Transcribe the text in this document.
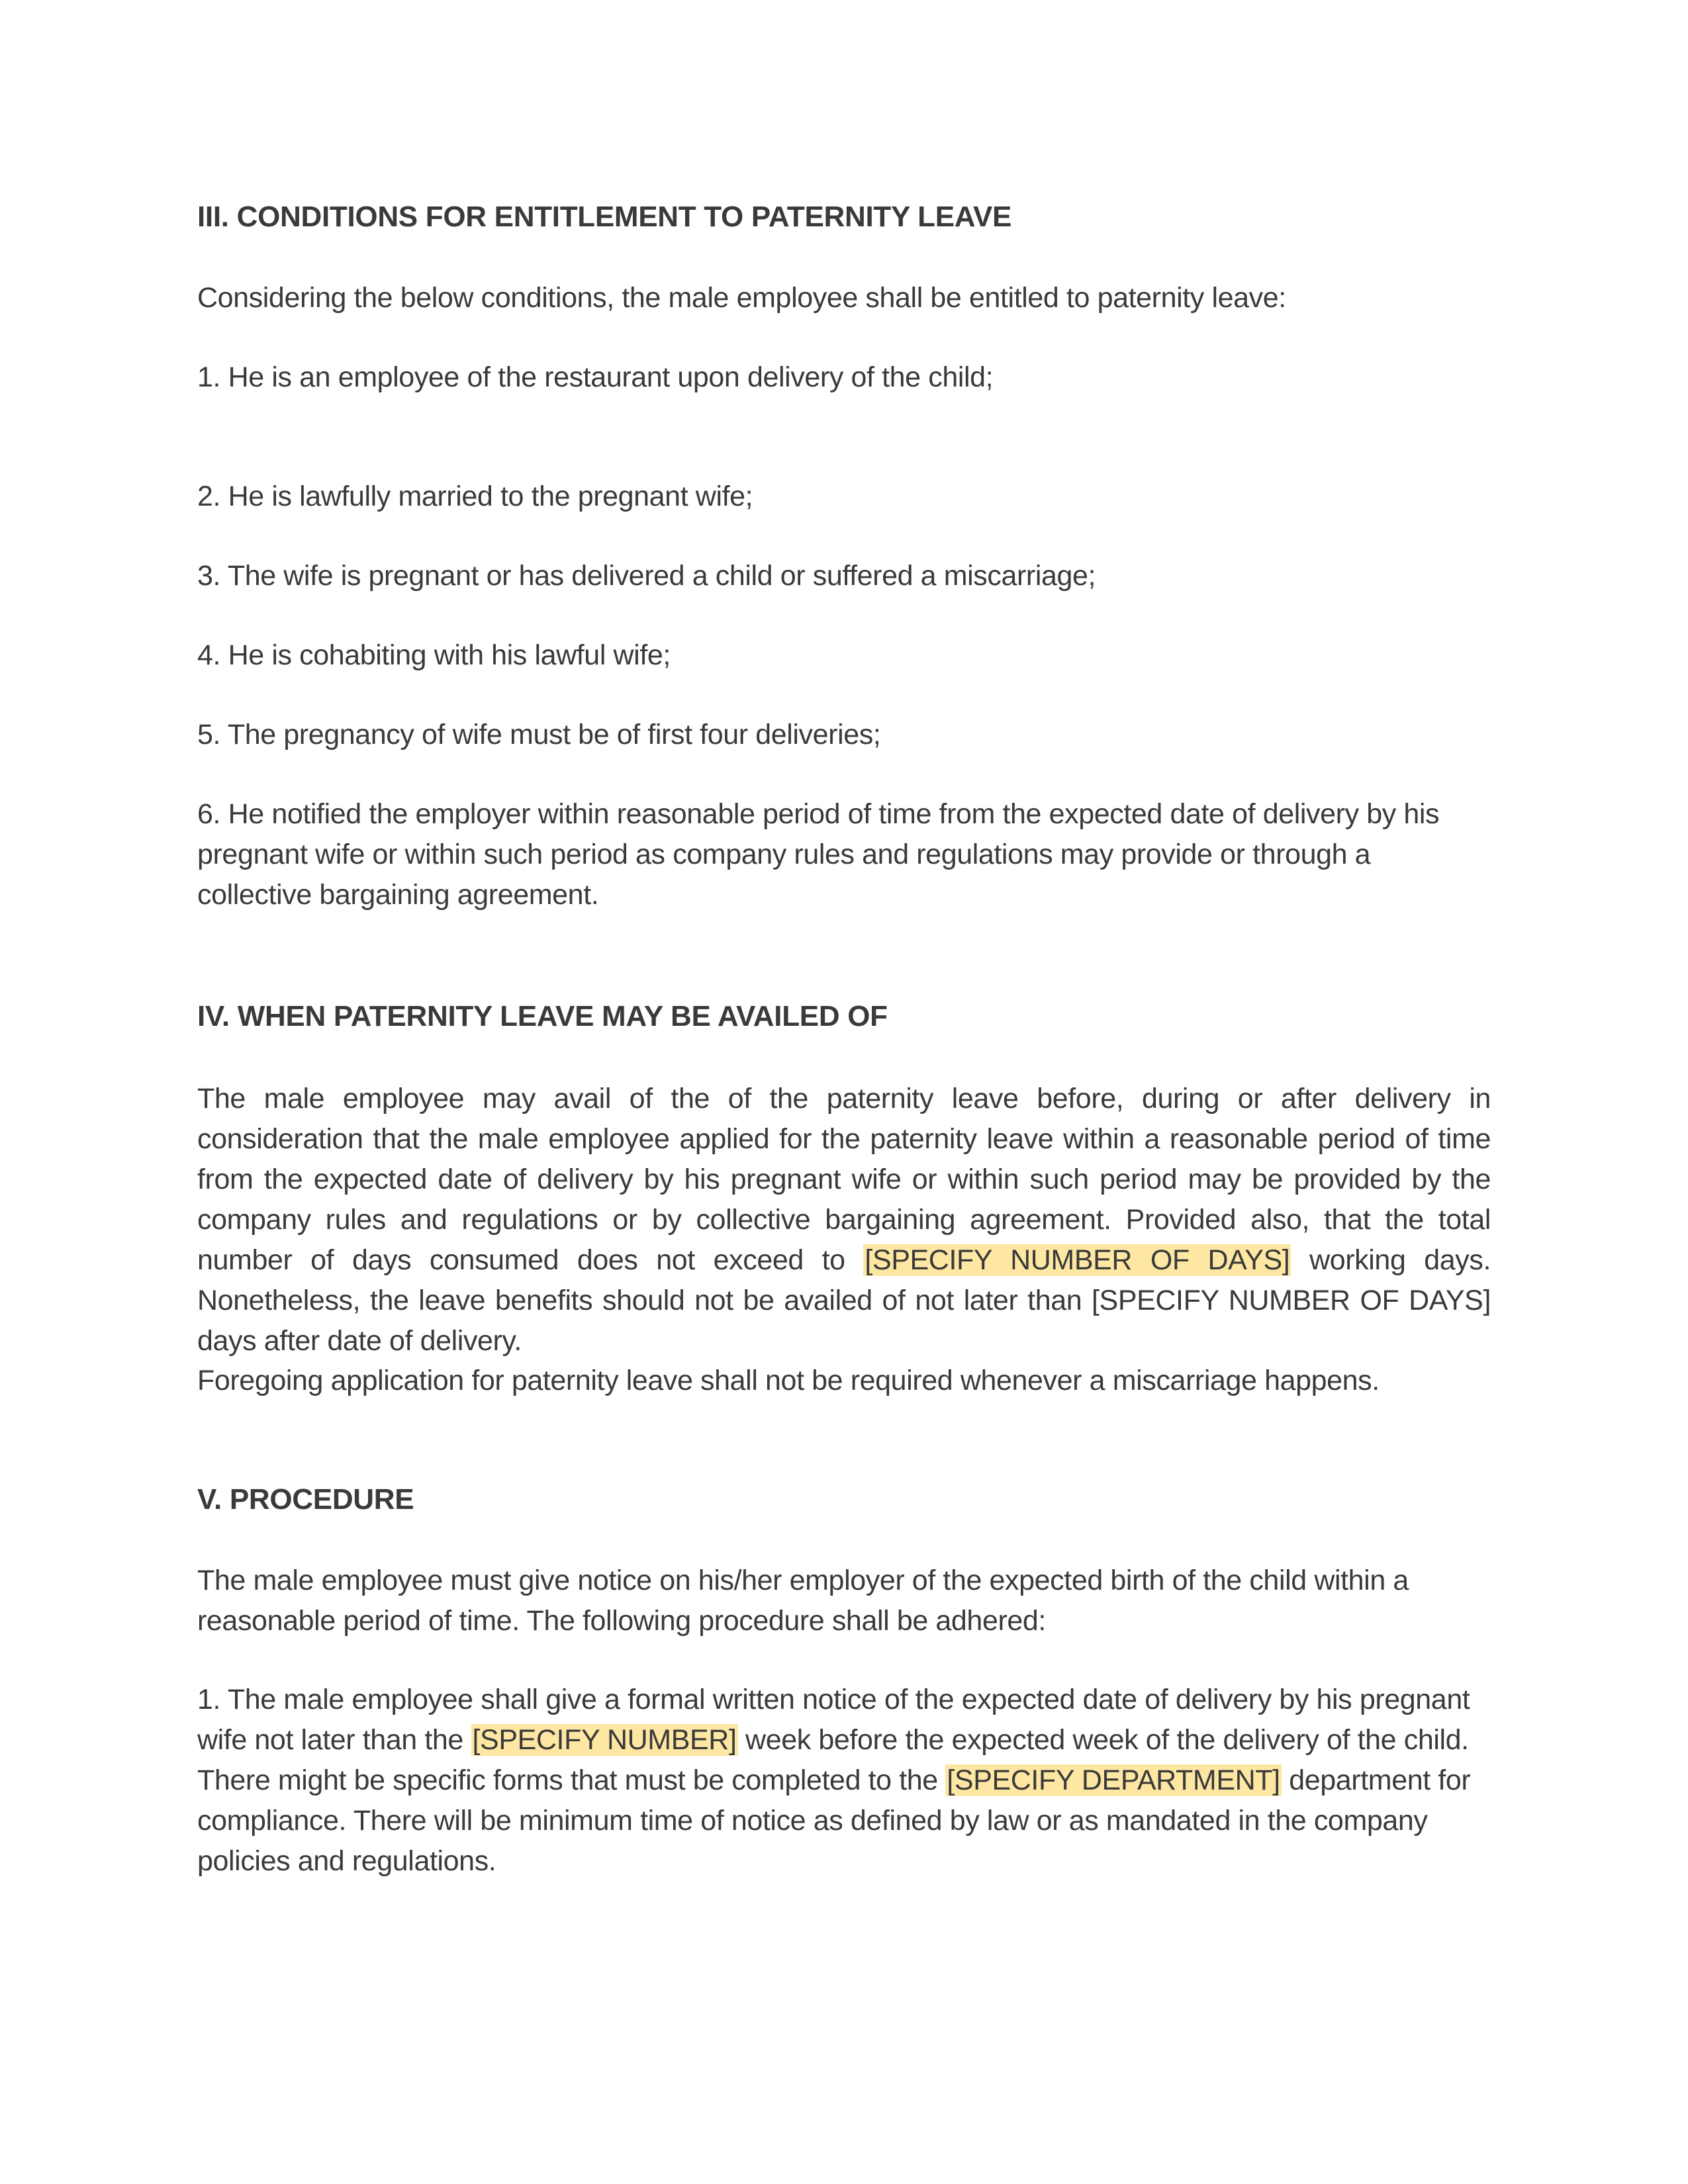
III. CONDITIONS FOR ENTITLEMENT TO PATERNITY LEAVE

Considering the below conditions, the male employee shall be entitled to paternity leave:

1. He is an employee of the restaurant upon delivery of the child;

2. He is lawfully married to the pregnant wife;

3. The wife is pregnant or has delivered a child or suffered a miscarriage;

4. He is cohabiting with his lawful wife;

5. The pregnancy of wife must be of first four deliveries;

6. He notified the employer within reasonable period of time from the expected date of delivery by his pregnant wife or within such period as company rules and regulations may provide or through a collective bargaining agreement.

IV. WHEN PATERNITY LEAVE MAY BE AVAILED OF

The male employee may avail of the of the paternity leave before, during or after delivery in consideration that the male employee applied for the paternity leave within a reasonable period of time from the expected date of delivery by his pregnant wife or within such period may be provided by the company rules and regulations or by collective bargaining agreement. Provided also, that the total number of days consumed does not exceed to [SPECIFY NUMBER OF DAYS] working days. Nonetheless, the leave benefits should not be availed of not later than [SPECIFY NUMBER OF DAYS] days after date of delivery.

Foregoing application for paternity leave shall not be required whenever a miscarriage happens.

V. PROCEDURE

The male employee must give notice on his/her employer of the expected birth of the child within a reasonable period of time. The following procedure shall be adhered:

1. The male employee shall give a formal written notice of the expected date of delivery by his pregnant wife not later than the [SPECIFY NUMBER] week before the expected week of the delivery of the child. There might be specific forms that must be completed to the [SPECIFY DEPARTMENT] department for compliance. There will be minimum time of notice as defined by law or as mandated in the company policies and regulations.
